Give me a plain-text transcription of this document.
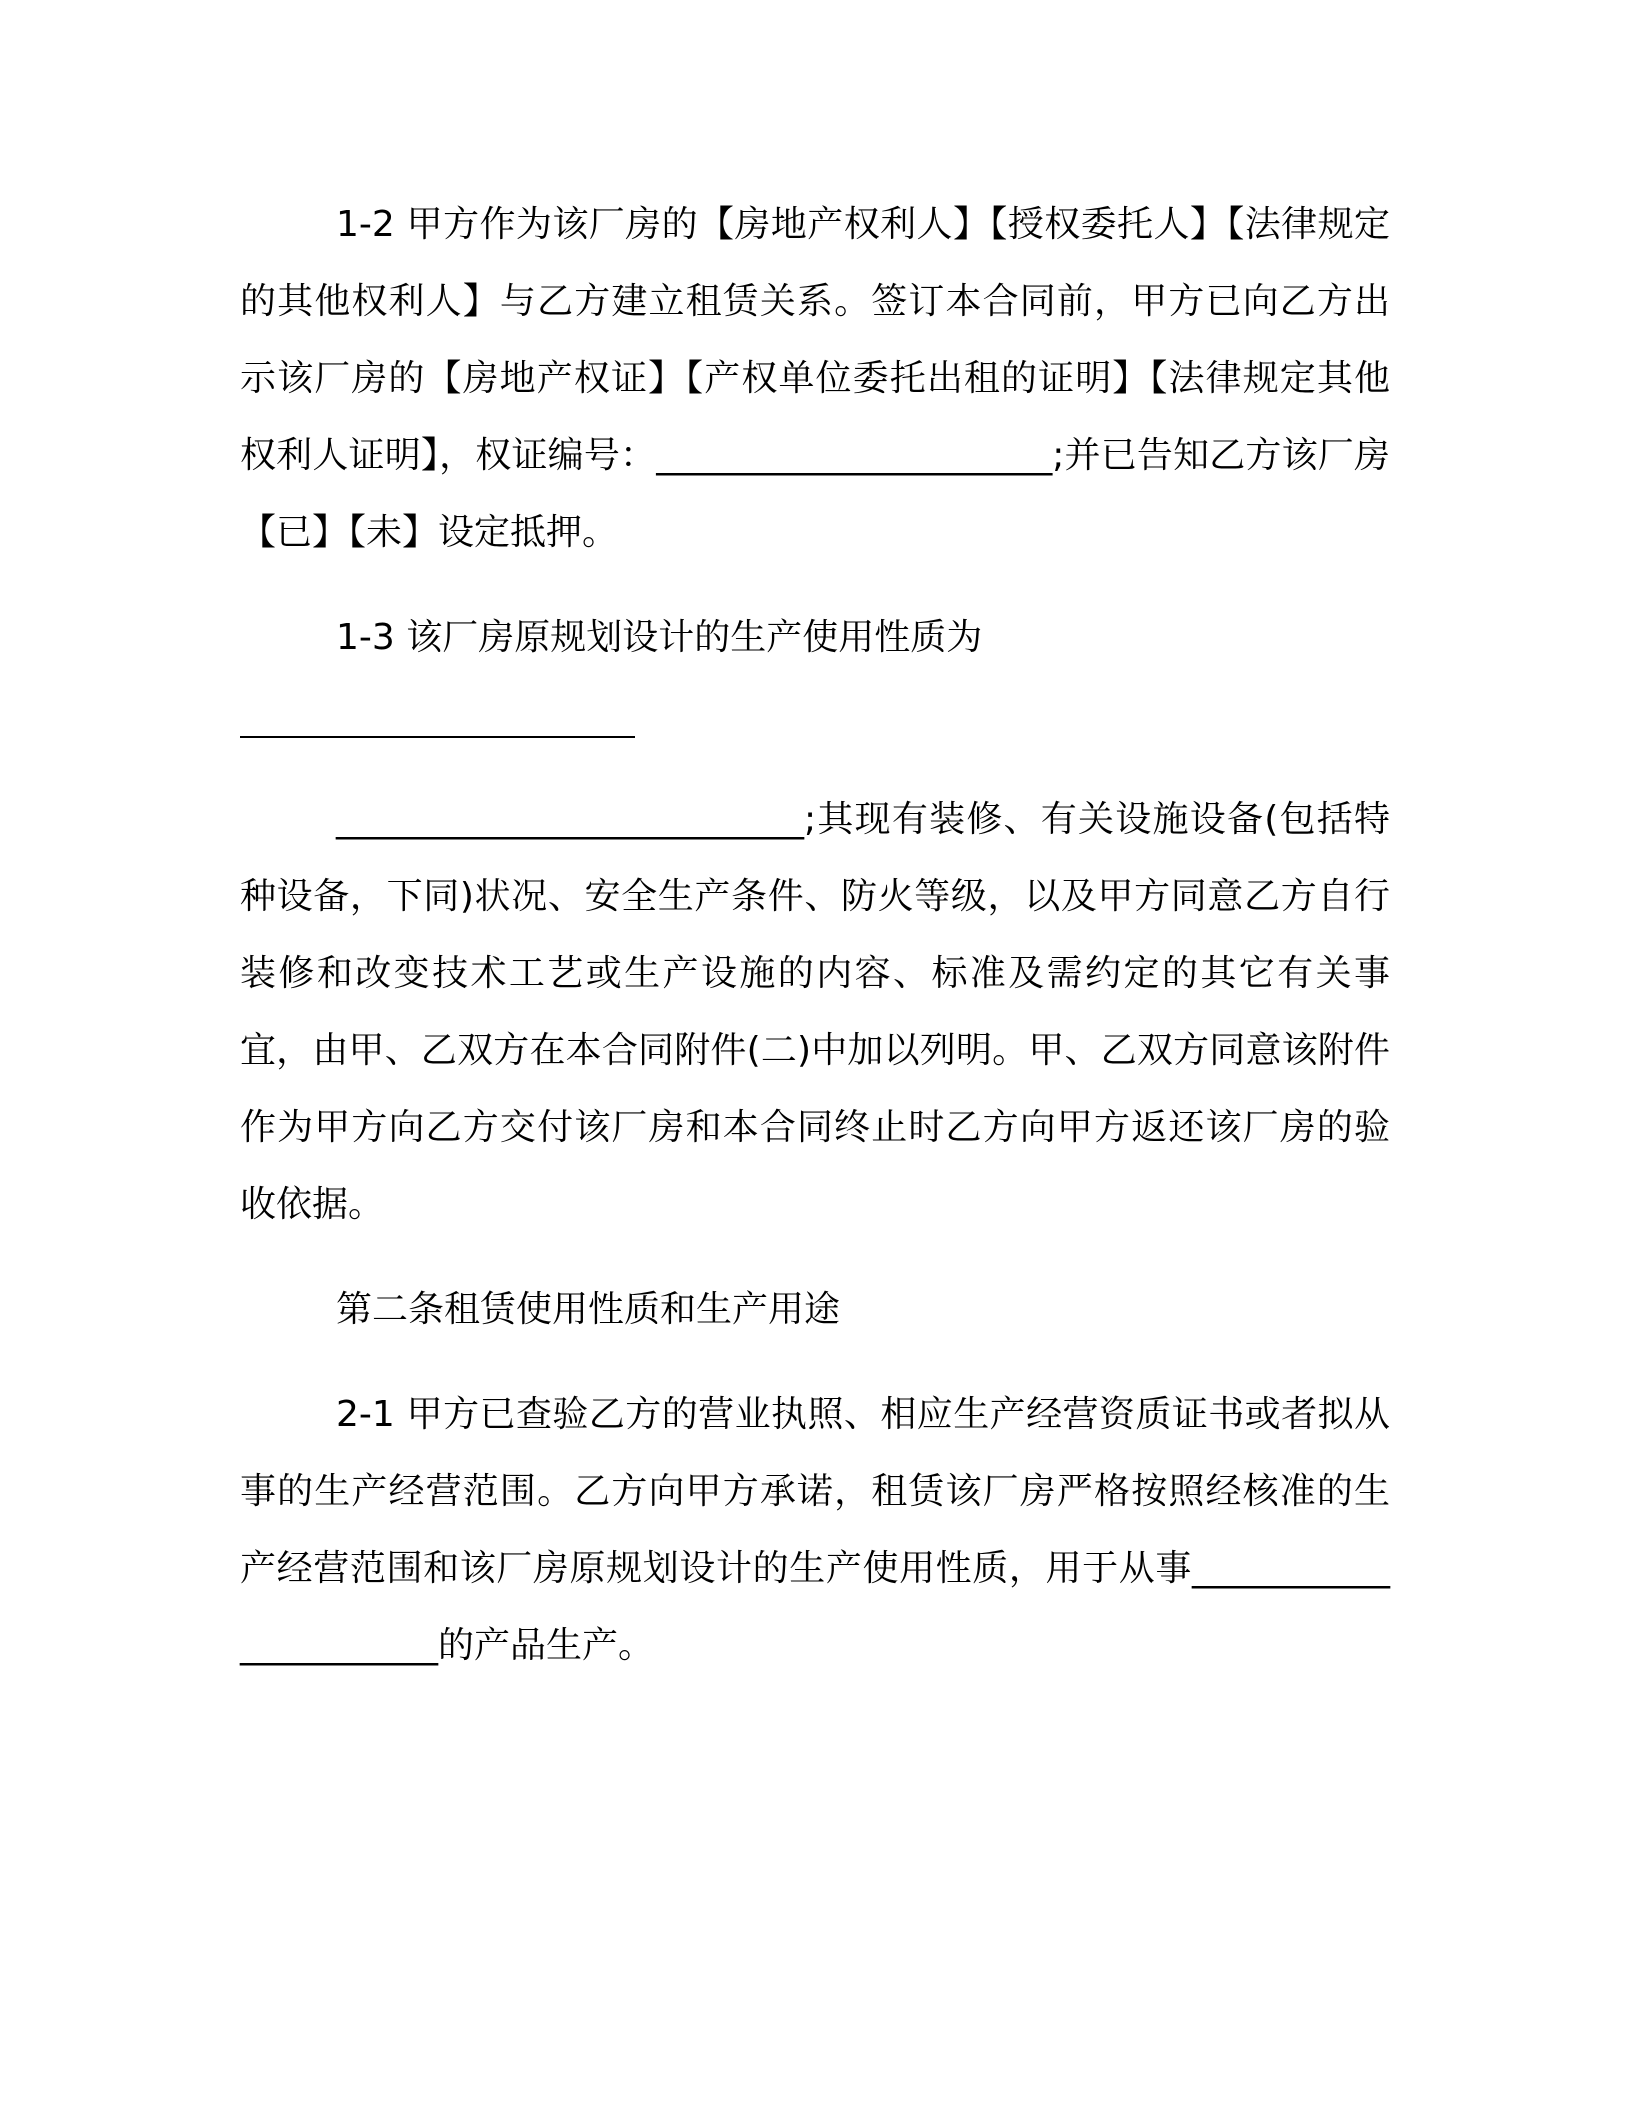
1-2 甲方作为该厂房的【房地产权利人】【授权委托人】【法律规定的其他权利人】与乙方建立租赁关系。签订本合同前，甲方已向乙方出示该厂房的【房地产权证】【产权单位委托出租的证明】【法律规定其他权利人证明】，权证编号：______________________;并已告知乙方该厂房【已】【未】设定抵押。

1-3 该厂房原规划设计的生产使用性质为

__________________________;其现有装修、有关设施设备(包括特种设备，下同)状况、安全生产条件、防火等级，以及甲方同意乙方自行装修和改变技术工艺或生产设施的内容、标准及需约定的其它有关事宜，由甲、乙双方在本合同附件(二)中加以列明。甲、乙双方同意该附件作为甲方向乙方交付该厂房和本合同终止时乙方向甲方返还该厂房的验收依据。

第二条租赁使用性质和生产用途

2-1 甲方已查验乙方的营业执照、相应生产经营资质证书或者拟从事的生产经营范围。乙方向甲方承诺，租赁该厂房严格按照经核准的生产经营范围和该厂房原规划设计的生产使用性质，用于从事______________________的产品生产。
